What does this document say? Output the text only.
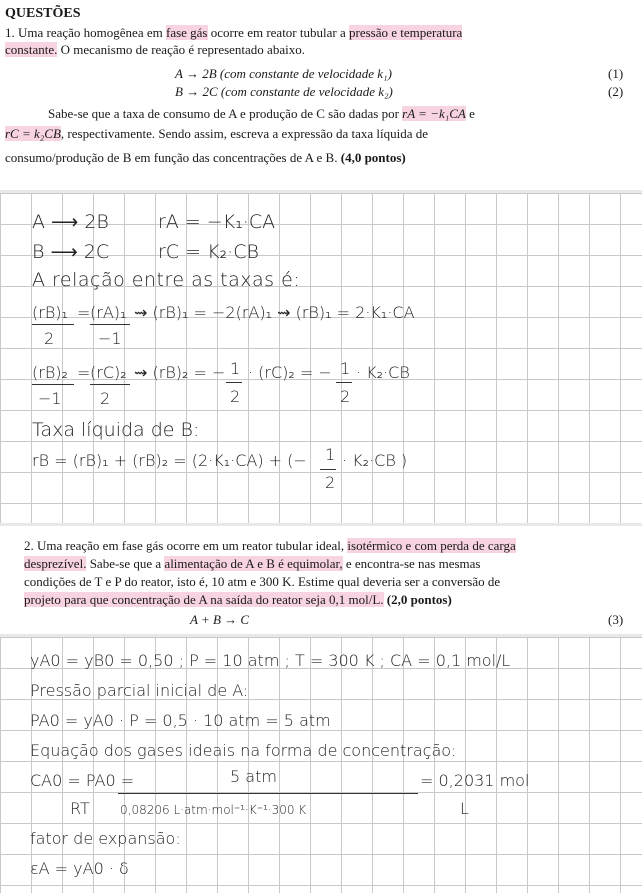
QUESTÕES
1. Uma reação homogênea em fase gás ocorre em reator tubular a pressão e temperatura
constante. O mecanismo de reação é representado abaixo.
A → 2B (com constante de velocidade k₁)	(1)
B → 2C (com constante de velocidade k₂)	(2)
Sabe-se que a taxa de consumo de A e produção de C são dadas por rA = −k₁CA e
rC = k₂CB, respectivamente. Sendo assim, escreva a expressão da taxa líquida de
consumo/produção de B em função das concentrações de A e B. (4,0 pontos)
A ⟶ 2B	rA = −K₁·CA
B ⟶ 2C	rC = K₂·CB
A relação entre as taxas é:
(rB)₁ = (rA)₁ ⇝ (rB)₁ = −2(rA)₁ ⇝ (rB)₁ = 2·K₁·CA
2	−1
(rB)₂ = (rC)₂ ⇝ (rB)₂ = − 1 · (rC)₂ = − 1 · K₂·CB
−1 2	2	2
Taxa líquida de B:
rB = (rB)₁ + (rB)₂ = (2·K₁·CA) + (− 1 · K₂·CB )
2
2. Uma reação em fase gás ocorre em um reator tubular ideal, isotérmico e com perda de carga
desprezível. Sabe-se que a alimentação de A e B é equimolar, e encontra-se nas mesmas
condições de T e P do reator, isto é, 10 atm e 300 K. Estime qual deveria ser a conversão de
projeto para que concentração de A na saída do reator seja 0,1 mol/L. (2,0 pontos)
A + B → C	(3)
yA0 = yB0 = 0,50 ; P = 10 atm ; T = 300 K ; CA = 0,1 mol/L
Pressão parcial inicial de A:
PA0 = yA0 · P = 0,5 · 10 atm = 5 atm
Equação dos gases ideais na forma de concentração:
CA0 = PA0 =	5 atm	= 0,2031 mol
RT	0,08206 L·atm·mol⁻¹·K⁻¹·300 K	L
fator de expansão:
εA = yA0 · δ
